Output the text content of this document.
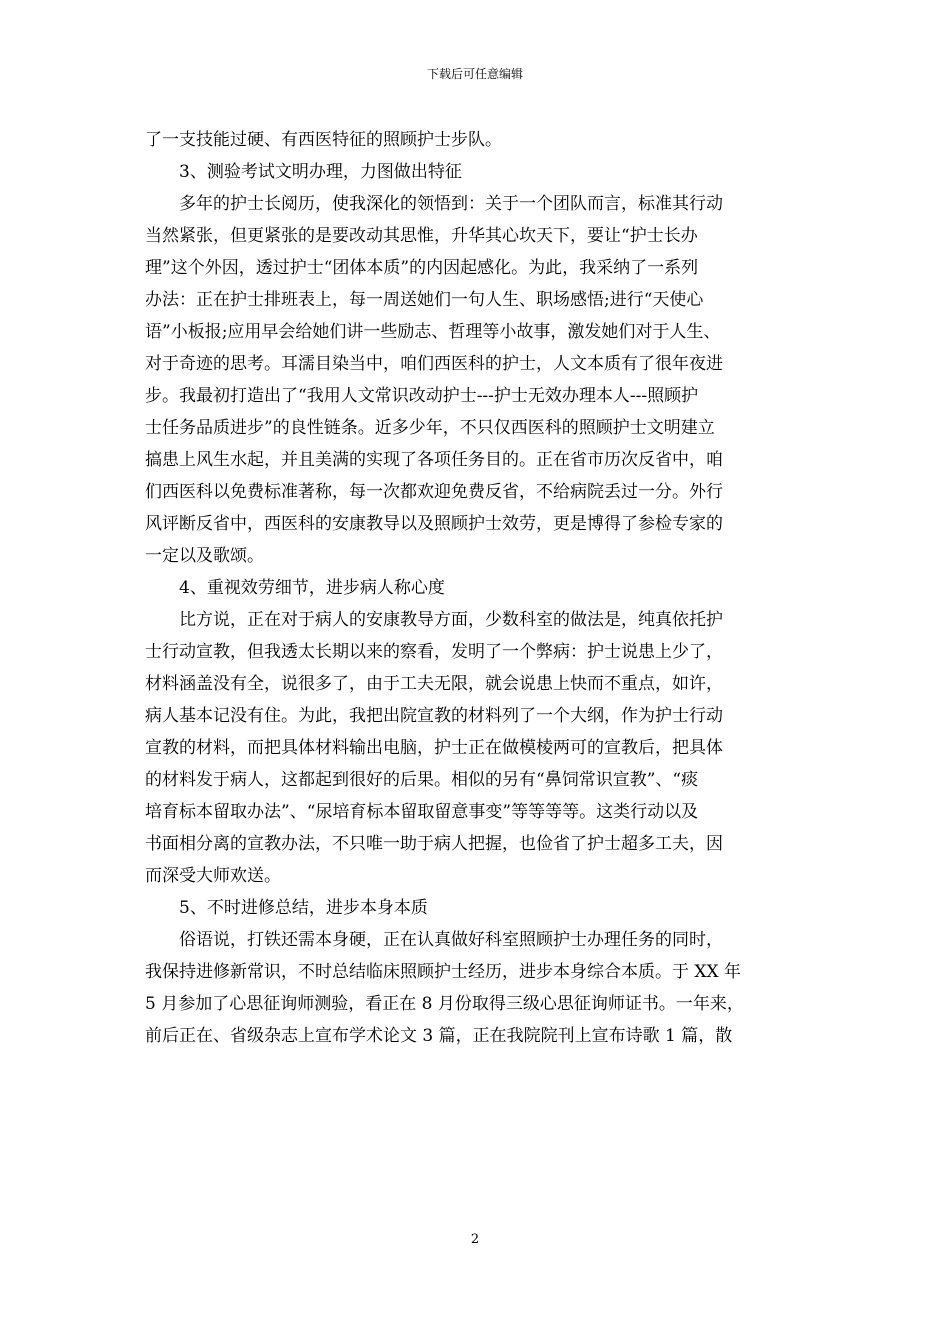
下载后可任意编辑
了一支技能过硬、有西医特征的照顾护士步队。
3、测验考试文明办理，力图做出特征
多年的护士长阅历，使我深化的领悟到：关于一个团队而言，标准其行动
当然紧张，但更紧张的是要改动其思惟，升华其心坎天下，要让“护士长办
理”这个外因，透过护士“团体本质”的内因起感化。为此，我采纳了一系列
办法：正在护士排班表上，每一周送她们一句人生、职场感悟;进行“天使心
语”小板报;应用早会给她们讲一些励志、哲理等小故事，激发她们对于人生、
对于奇迹的思考。耳濡目染当中，咱们西医科的护士，人文本质有了很年夜进
步。我最初打造出了“我用人文常识改动护士---护士无效办理本人---照顾护
士任务品质进步”的良性链条。近多少年，不只仅西医科的照顾护士文明建立
搞患上风生水起，并且美满的实现了各项任务目的。正在省市历次反省中，咱
们西医科以免费标准著称，每一次都欢迎免费反省，不给病院丢过一分。外行
风评断反省中，西医科的安康教导以及照顾护士效劳，更是博得了参检专家的
一定以及歌颂。
4、重视效劳细节，进步病人称心度
比方说，正在对于病人的安康教导方面，少数科室的做法是，纯真依托护
士行动宣教，但我透太长期以来的察看，发明了一个弊病：护士说患上少了，
材料涵盖没有全，说很多了，由于工夫无限，就会说患上快而不重点，如许，
病人基本记没有住。为此，我把出院宣教的材料列了一个大纲，作为护士行动
宣教的材料，而把具体材料输出电脑，护士正在做模棱两可的宣教后，把具体
的材料发于病人，这都起到很好的后果。相似的另有“鼻饲常识宣教”、“痰
培育标本留取办法”、“尿培育标本留取留意事变”等等等等。这类行动以及
书面相分离的宣教办法，不只唯一助于病人把握，也俭省了护士超多工夫，因
而深受大师欢送。
5、不时进修总结，进步本身本质
俗语说，打铁还需本身硬，正在认真做好科室照顾护士办理任务的同时，
我保持进修新常识，不时总结临床照顾护士经历，进步本身综合本质。于 XX 年
5 月参加了心思征询师测验，看正在 8 月份取得三级心思征询师证书。一年来，
前后正在、省级杂志上宣布学术论文 3 篇，正在我院院刊上宣布诗歌 1 篇，散
2
